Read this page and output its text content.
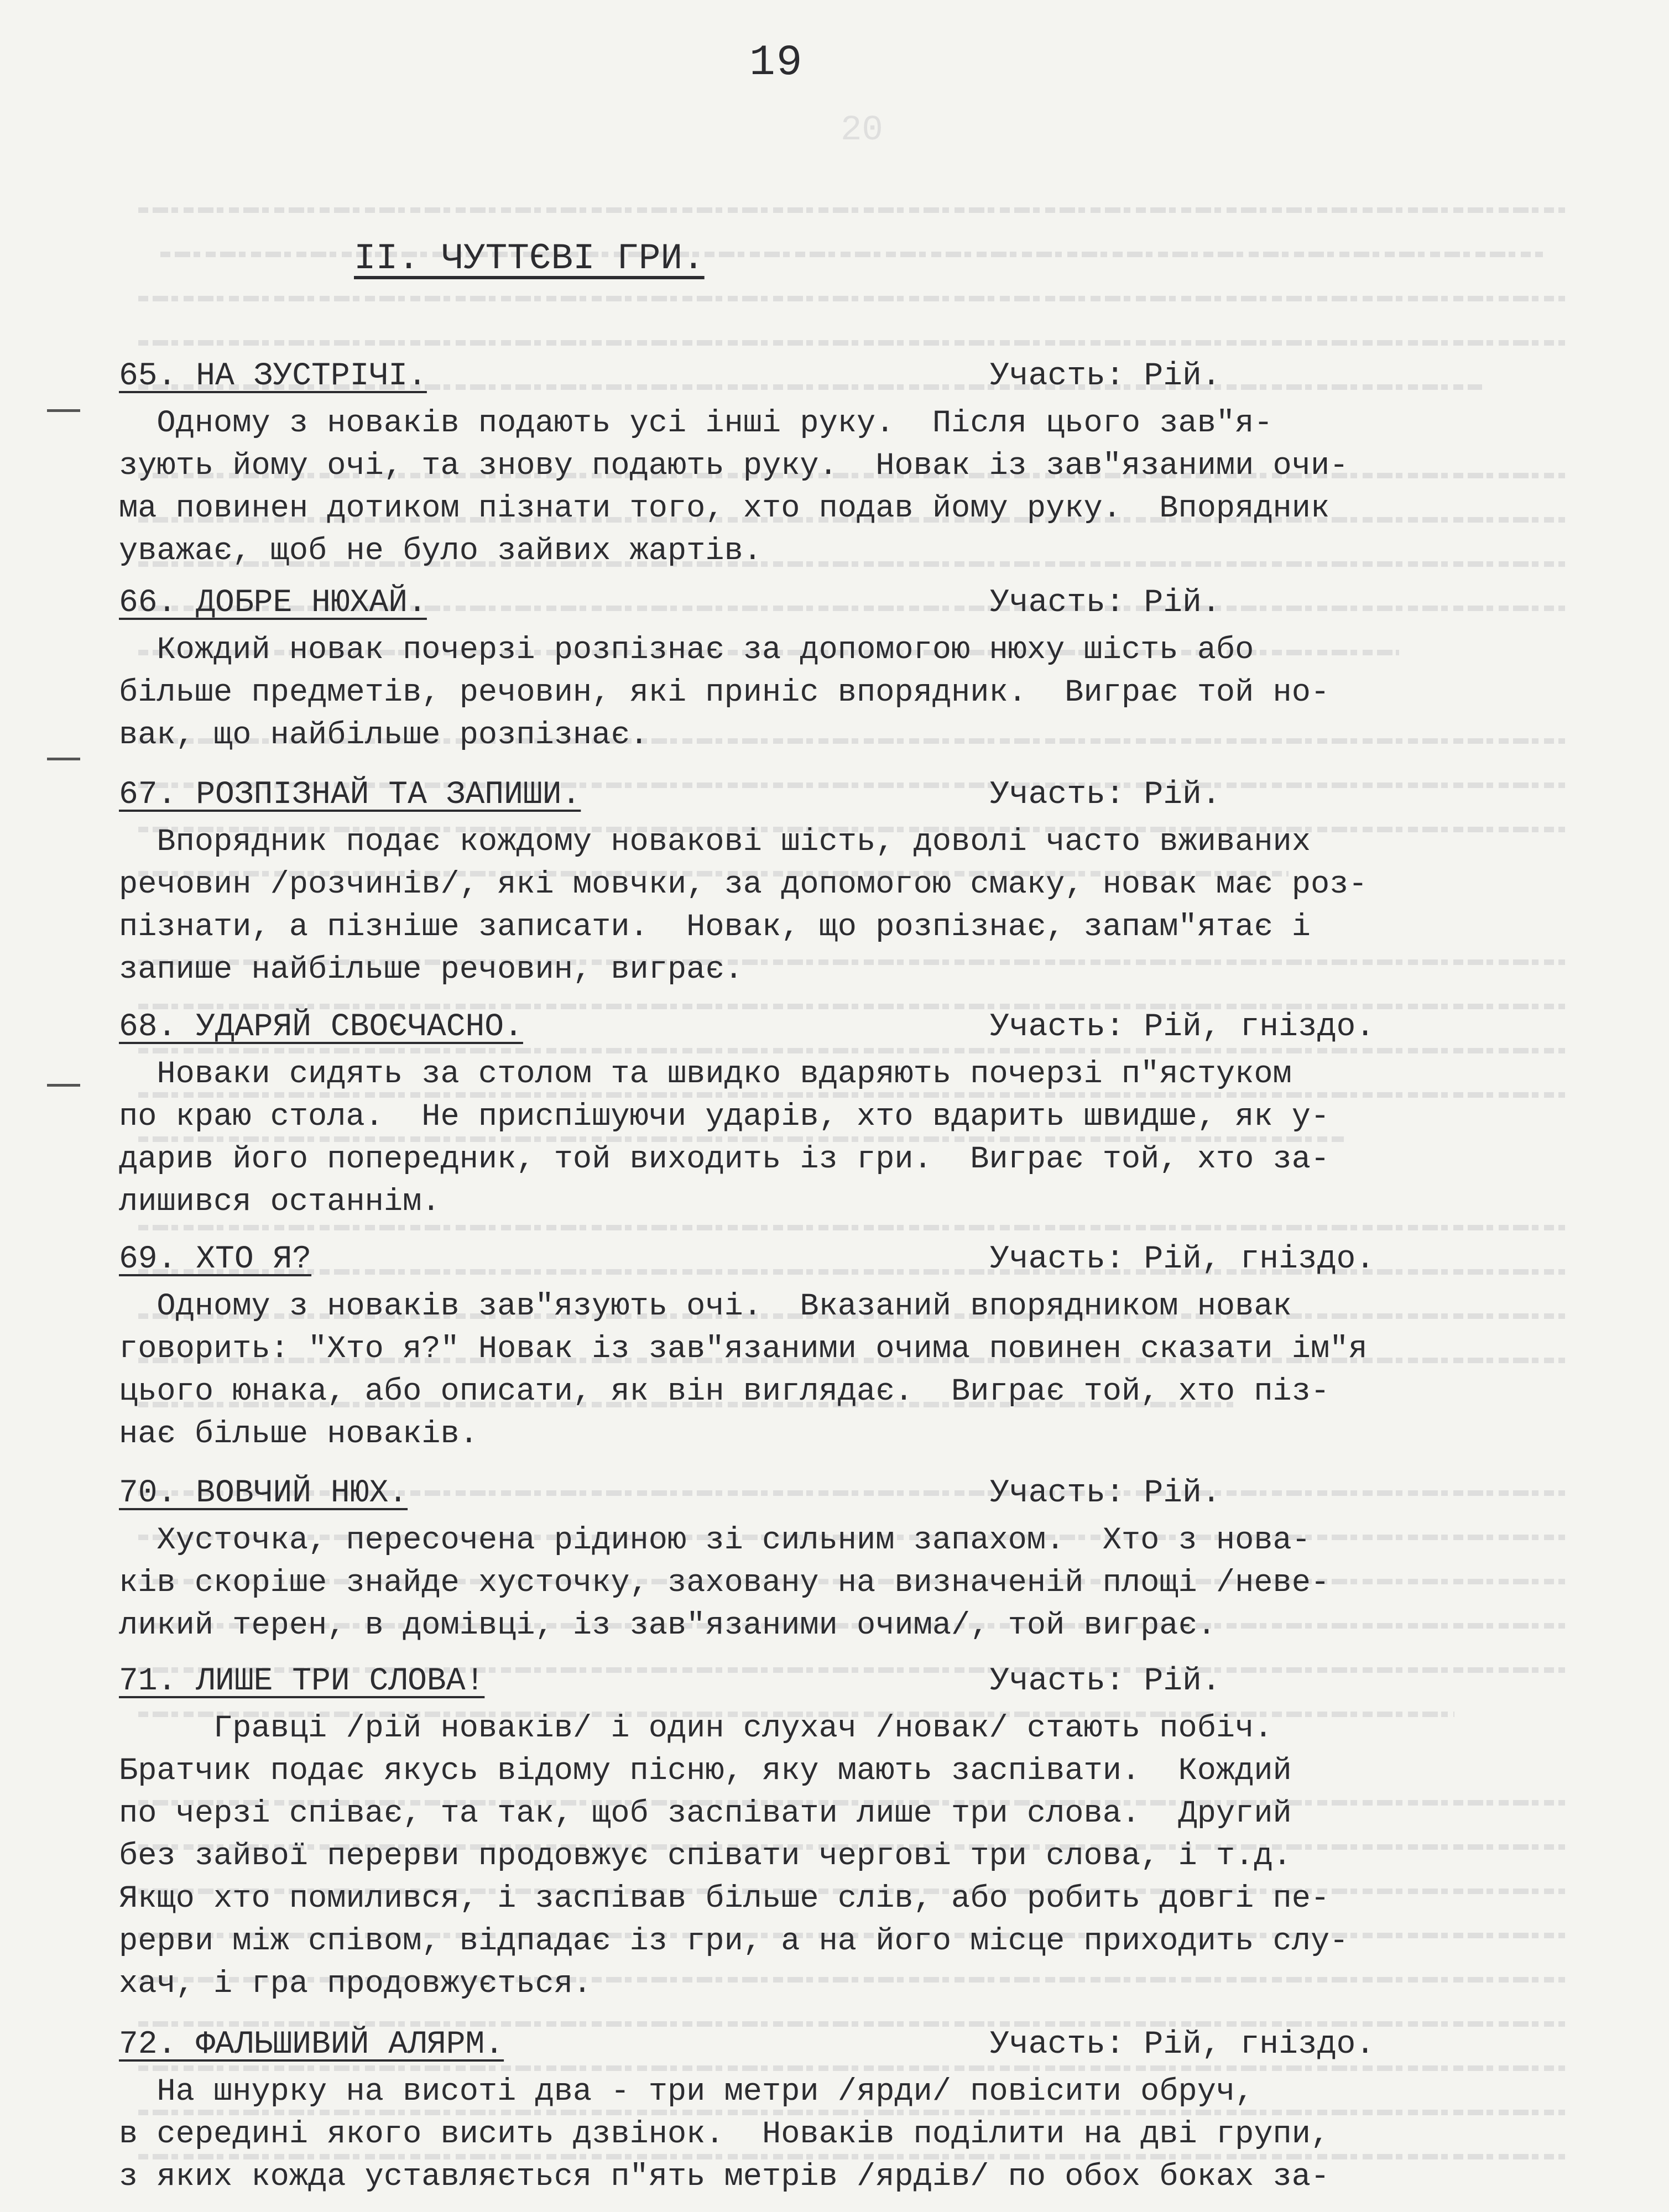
20
19
II. ЧУТТЄВІ ГРИ.
65. НА ЗУСТРІЧІ.	Участь: Рій.
Одному з новаків подають усі інші руку.  Після цього зав"я-
зують йому очі, та знову подають руку.  Новак із зав"язаними очи-
ма повинен дотиком пізнати того, хто подав йому руку.  Впорядник
уважає, щоб не було зайвих жартів.
66. ДОБРЕ НЮХАЙ.	Участь: Рій.
Кождий новак почерзі розпізнає за допомогою нюху шість або
більше предметів, речовин, які приніс впорядник.  Виграє той но-
вак, що найбільше розпізнає.
67. РОЗПІЗНАЙ ТА ЗАПИШИ.	Участь: Рій.
Впорядник подає кождому новакові шість, доволі часто вживаних
речовин /розчинів/, які мовчки, за допомогою смаку, новак має роз-
пізнати, а пізніше записати.  Новак, що розпізнає, запам"ятає і
запише найбільше речовин, виграє.
68. УДАРЯЙ СВОЄЧАСНО.	Участь: Рій, гніздо.
Новаки сидять за столом та швидко вдаряють почерзі п"ястуком
по краю стола.  Не приспішуючи ударів, хто вдарить швидше, як у-
дарив його попередник, той виходить із гри.  Виграє той, хто за-
лишився останнім.
69. ХТО Я?	Участь: Рій, гніздо.
Одному з новаків зав"язують очі.  Вказаний впорядником новак
говорить: "Хто я?" Новак із зав"язаними очима повинен сказати ім"я
цього юнака, або описати, як він виглядає.  Виграє той, хто піз-
нає більше новаків.
70. ВОВЧИЙ НЮХ.	Участь: Рій.
Хусточка, пересочена рідиною зі сильним запахом.  Хто з нова-
ків скоріше знайде хусточку, заховану на визначеній площі /неве-
ликий терен, в домівці, із зав"язаними очима/, той виграє.
71. ЛИШЕ ТРИ СЛОВА!	Участь: Рій.
Гравці /рій новаків/ і один слухач /новак/ стають побіч.
Братчик подає якусь відому пісню, яку мають заспівати.  Кождий
по черзі співає, та так, щоб заспівати лише три слова.  Другий
без зайвої перерви продовжує співати чергові три слова, і т.д.
Якщо хто помилився, і заспівав більше слів, або робить довгі пе-
рерви між співом, відпадає із гри, а на його місце приходить слу-
хач, і гра продовжується.
72. ФАЛЬШИВИЙ АЛЯРМ.	Участь: Рій, гніздо.
На шнурку на висоті два - три метри /ярди/ повісити обруч,
в середині якого висить дзвінок.  Новаків поділити на дві групи,
з яких кожда уставляється п"ять метрів /ярдів/ по обох боках за-
